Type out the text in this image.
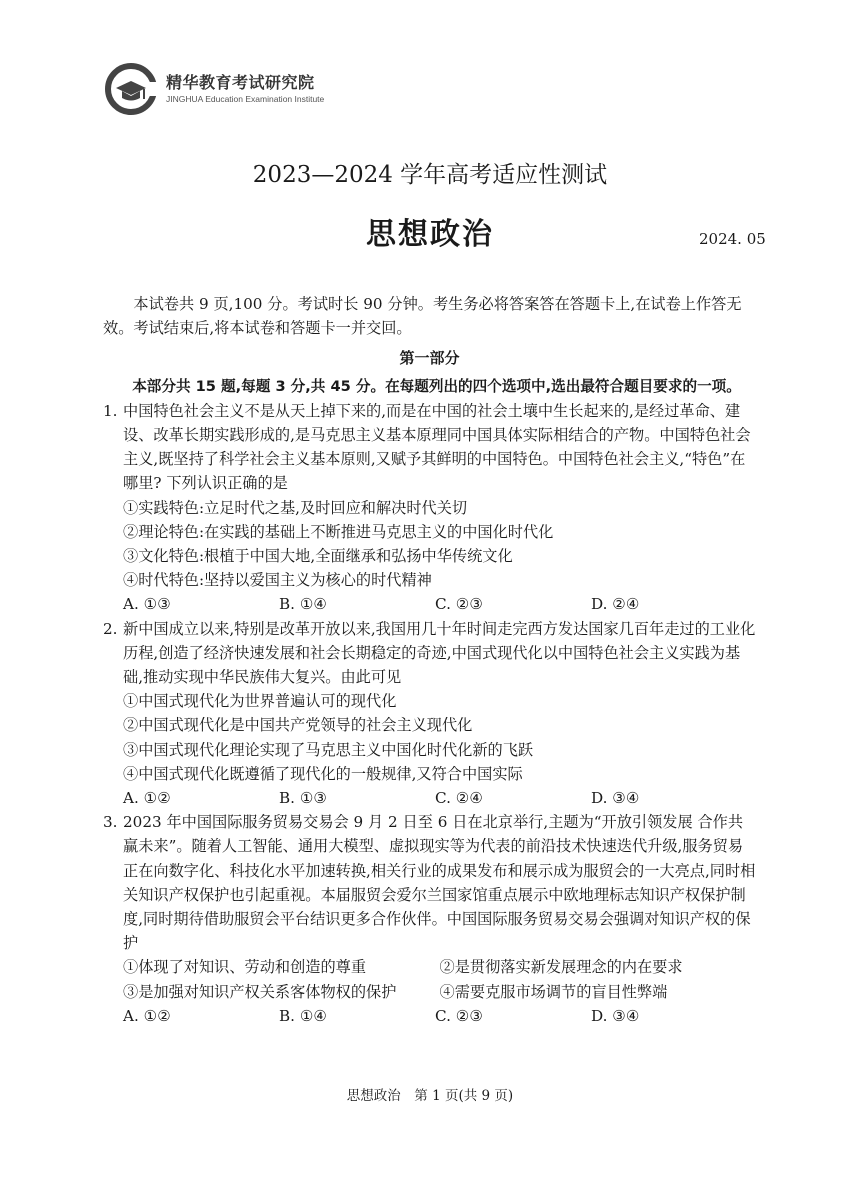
精华教育考试研究院
JINGHUA Education Examination Institute
2023—2024 学年高考适应性测试
思想政治	2024. 05

本试卷共 9 页,100 分。考试时长 90 分钟。考生务必将答案答在答题卡上,在试卷上作答无效。考试结束后,将本试卷和答题卡一并交回。

第一部分

本部分共 15 题,每题 3 分,共 45 分。在每题列出的四个选项中,选出最符合题目要求的一项。

1. 中国特色社会主义不是从天上掉下来的,而是在中国的社会土壤中生长起来的,是经过革命、建设、改革长期实践形成的,是马克思主义基本原理同中国具体实际相结合的产物。中国特色社会主义,既坚持了科学社会主义基本原则,又赋予其鲜明的中国特色。中国特色社会主义,“特色”在哪里? 下列认识正确的是

①实践特色:立足时代之基,及时回应和解决时代关切

②理论特色:在实践的基础上不断推进马克思主义的中国化时代化

③文化特色:根植于中国大地,全面继承和弘扬中华传统文化

④时代特色:坚持以爱国主义为核心的时代精神

A. ①③	B. ①④	C. ②③	D. ②④

2. 新中国成立以来,特别是改革开放以来,我国用几十年时间走完西方发达国家几百年走过的工业化历程,创造了经济快速发展和社会长期稳定的奇迹,中国式现代化以中国特色社会主义实践为基础,推动实现中华民族伟大复兴。由此可见

①中国式现代化为世界普遍认可的现代化

②中国式现代化是中国共产党领导的社会主义现代化

③中国式现代化理论实现了马克思主义中国化时代化新的飞跃

④中国式现代化既遵循了现代化的一般规律,又符合中国实际

A. ①②	B. ①③	C. ②④	D. ③④

3. 2023 年中国国际服务贸易交易会 9 月 2 日至 6 日在北京举行,主题为“开放引领发展 合作共赢未来”。随着人工智能、通用大模型、虚拟现实等为代表的前沿技术快速迭代升级,服务贸易正在向数字化、科技化水平加速转换,相关行业的成果发布和展示成为服贸会的一大亮点,同时相关知识产权保护也引起重视。本届服贸会爱尔兰国家馆重点展示中欧地理标志知识产权保护制度,同时期待借助服贸会平台结识更多合作伙伴。中国国际服务贸易交易会强调对知识产权的保护

①体现了对知识、劳动和创造的尊重	②是贯彻落实新发展理念的内在要求

③是加强对知识产权关系客体物权的保护	④需要克服市场调节的盲目性弊端

A. ①②	B. ①④	C. ②③	D. ③④

思想政治　第 1 页(共 9 页)
